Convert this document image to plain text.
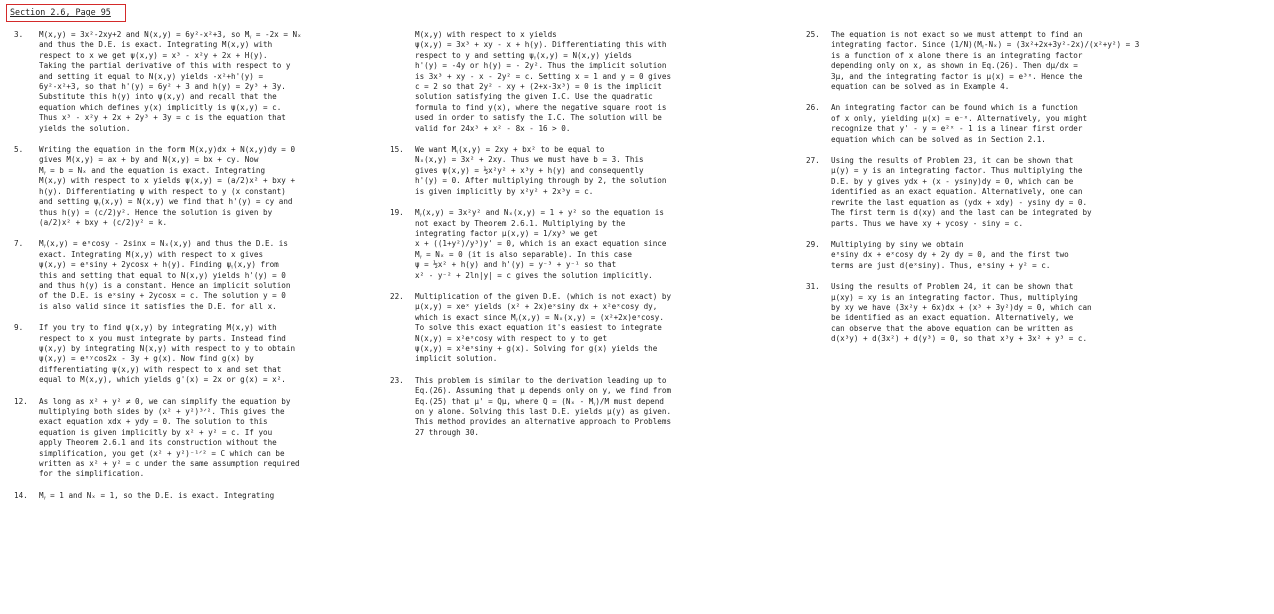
Section 2.6, Page 95
3.	M(x,y) = 3x²-2xy+2 and N(x,y) = 6y²-x²+3, so Mᵧ = -2x = Nₓ
and thus the D.E. is exact. Integrating M(x,y) with
respect to x we get ψ(x,y) = x³ - x²y + 2x + H(y).
Taking the partial derivative of this with respect to y
and setting it equal to N(x,y) yields -x²+h'(y) =
6y²-x²+3, so that h'(y) = 6y² + 3 and h(y) = 2y³ + 3y.
Substitute this h(y) into ψ(x,y) and recall that the
equation which defines y(x) implicitly is ψ(x,y) = c.
Thus x³ - x²y + 2x + 2y³ + 3y = c is the equation that
yields the solution.
5.	Writing the equation in the form M(x,y)dx + N(x,y)dy = 0
gives M(x,y) = ax + by and N(x,y) = bx + cy. Now
Mᵧ = b = Nₓ and the equation is exact. Integrating
M(x,y) with respect to x yields ψ(x,y) = (a/2)x² + bxy +
h(y). Differentiating ψ with respect to y (x constant)
and setting ψᵧ(x,y) = N(x,y) we find that h'(y) = cy and
thus h(y) = (c/2)y². Hence the solution is given by
(a/2)x² + bxy + (c/2)y² = k.
7.	Mᵧ(x,y) = eˣcosy - 2sinx = Nₓ(x,y) and thus the D.E. is
exact. Integrating M(x,y) with respect to x gives
ψ(x,y) = eˣsiny + 2ycosx + h(y). Finding ψᵧ(x,y) from
this and setting that equal to N(x,y) yields h'(y) = 0
and thus h(y) is a constant. Hence an implicit solution
of the D.E. is eˣsiny + 2ycosx = c. The solution y = 0
is also valid since it satisfies the D.E. for all x.
9.	If you try to find ψ(x,y) by integrating M(x,y) with
respect to x you must integrate by parts. Instead find
ψ(x,y) by integrating N(x,y) with respect to y to obtain
ψ(x,y) = eˣʸcos2x - 3y + g(x). Now find g(x) by
differentiating ψ(x,y) with respect to x and set that
equal to M(x,y), which yields g'(x) = 2x or g(x) = x².
12.	As long as x² + y² ≠ 0, we can simplify the equation by
multiplying both sides by (x² + y²)³ᐟ². This gives the
exact equation xdx + ydy = 0. The solution to this
equation is given implicitly by x² + y² = c. If you
apply Theorem 2.6.1 and its construction without the
simplification, you get (x² + y²)⁻¹ᐟ² = C which can be
written as x² + y² = c under the same assumption required
for the simplification.
14.	Mᵧ = 1 and Nₓ = 1, so the D.E. is exact. Integrating
M(x,y) with respect to x yields
ψ(x,y) = 3x³ + xy - x + h(y). Differentiating this with
respect to y and setting ψᵧ(x,y) = N(x,y) yields
h'(y) = -4y or h(y) = - 2y². Thus the implicit solution
is 3x³ + xy - x - 2y² = c. Setting x = 1 and y = 0 gives
c = 2 so that 2y² - xy + (2+x-3x³) = 0 is the implicit
solution satisfying the given I.C. Use the quadratic
formula to find y(x), where the negative square root is
used in order to satisfy the I.C. The solution will be
valid for 24x³ + x² - 8x - 16 > 0.
15.	We want Mᵧ(x,y) = 2xy + bx² to be equal to
Nₓ(x,y) = 3x² + 2xy. Thus we must have b = 3. This
gives ψ(x,y) = ½x²y² + x³y + h(y) and consequently
h'(y) = 0. After multiplying through by 2, the solution
is given implicitly by x²y² + 2x³y = c.
19.	Mᵧ(x,y) = 3x²y² and Nₓ(x,y) = 1 + y² so the equation is
not exact by Theorem 2.6.1. Multiplying by the
integrating factor μ(x,y) = 1/xy³ we get
x + ((1+y²)/y³)y' = 0, which is an exact equation since
Mᵧ = Nₓ = 0 (it is also separable). In this case
ψ = ½x² + h(y) and h'(y) = y⁻³ + y⁻¹ so that
x² - y⁻² + 2ln|y| = c gives the solution implicitly.
22.	Multiplication of the given D.E. (which is not exact) by
μ(x,y) = xeˣ yields (x² + 2x)eˣsiny dx + x²eˣcosy dy,
which is exact since Mᵧ(x,y) = Nₓ(x,y) = (x²+2x)eˣcosy.
To solve this exact equation it's easiest to integrate
N(x,y) = x²eˣcosy with respect to y to get
ψ(x,y) = x²eˣsiny + g(x). Solving for g(x) yields the
implicit solution.
23.	This problem is similar to the derivation leading up to
Eq.(26). Assuming that μ depends only on y, we find from
Eq.(25) that μ' = Qμ, where Q = (Nₓ - Mᵧ)/M must depend
on y alone. Solving this last D.E. yields μ(y) as given.
This method provides an alternative approach to Problems
27 through 30.
25.	The equation is not exact so we must attempt to find an
integrating factor. Since (1/N)(Mᵧ-Nₓ) = (3x²+2x+3y²-2x)/(x²+y²) = 3
is a function of x alone there is an integrating factor
depending only on x, as shown in Eq.(26). Then dμ/dx =
3μ, and the integrating factor is μ(x) = e³ˣ. Hence the
equation can be solved as in Example 4.
26.	An integrating factor can be found which is a function
of x only, yielding μ(x) = e⁻ˣ. Alternatively, you might
recognize that y' - y = e²ˣ - 1 is a linear first order
equation which can be solved as in Section 2.1.
27.	Using the results of Problem 23, it can be shown that
μ(y) = y is an integrating factor. Thus multiplying the
D.E. by y gives ydx + (x - ysiny)dy = 0, which can be
identified as an exact equation. Alternatively, one can
rewrite the last equation as (ydx + xdy) - ysiny dy = 0.
The first term is d(xy) and the last can be integrated by
parts. Thus we have xy + ycosy - siny = c.
29.	Multiplying by siny we obtain
eˣsiny dx + eˣcosy dy + 2y dy = 0, and the first two
terms are just d(eˣsiny). Thus, eˣsiny + y² = c.
31.	Using the results of Problem 24, it can be shown that
μ(xy) = xy is an integrating factor. Thus, multiplying
by xy we have (3x²y + 6x)dx + (x³ + 3y²)dy = 0, which can
be identified as an exact equation. Alternatively, we
can observe that the above equation can be written as
d(x³y) + d(3x²) + d(y³) = 0, so that x³y + 3x² + y³ = c.
